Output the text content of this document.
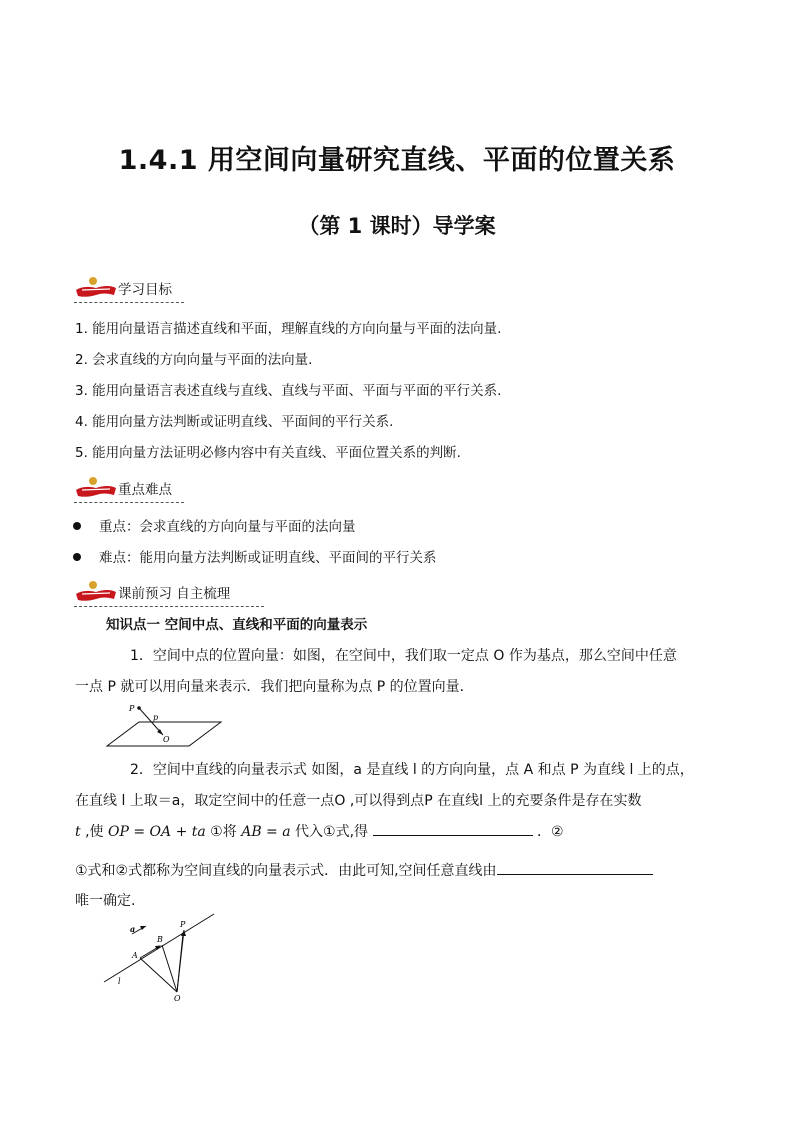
1.4.1 用空间向量研究直线、平面的位置关系
（第 1 课时）导学案
学习目标
1. 能用向量语言描述直线和平面，理解直线的方向向量与平面的法向量.
2. 会求直线的方向向量与平面的法向量.
3. 能用向量语言表述直线与直线、直线与平面、平面与平面的平行关系.
4. 能用向量方法判断或证明直线、平面间的平行关系.
5. 能用向量方法证明必修内容中有关直线、平面位置关系的判断.
重点难点
重点：会求直线的方向向量与平面的法向量
难点：能用向量方法判断或证明直线、平面间的平行关系
课前预习 自主梳理
知识点一 空间中点、直线和平面的向量表示
1．空间中点的位置向量：如图，在空间中，我们取一定点 O 作为基点，那么空间中任意
一点 P 就可以用向量来表示．我们把向量称为点 P 的位置向量．
P
p
O
2．空间中直线的向量表示式 如图，a 是直线 l 的方向向量，点 A 和点 P 为直线 l 上的点，
在直线 l 上取＝a，取定空间中的任意一点O ,可以得到点P 在直线l 上的充要条件是存在实数
t ,使 OP = OA + ta ①将 AB = a 代入①式,得	．②
①式和②式都称为空间直线的向量表示式．由此可知,空间任意直线由
唯一确定.
a	P
B
A
l
O
